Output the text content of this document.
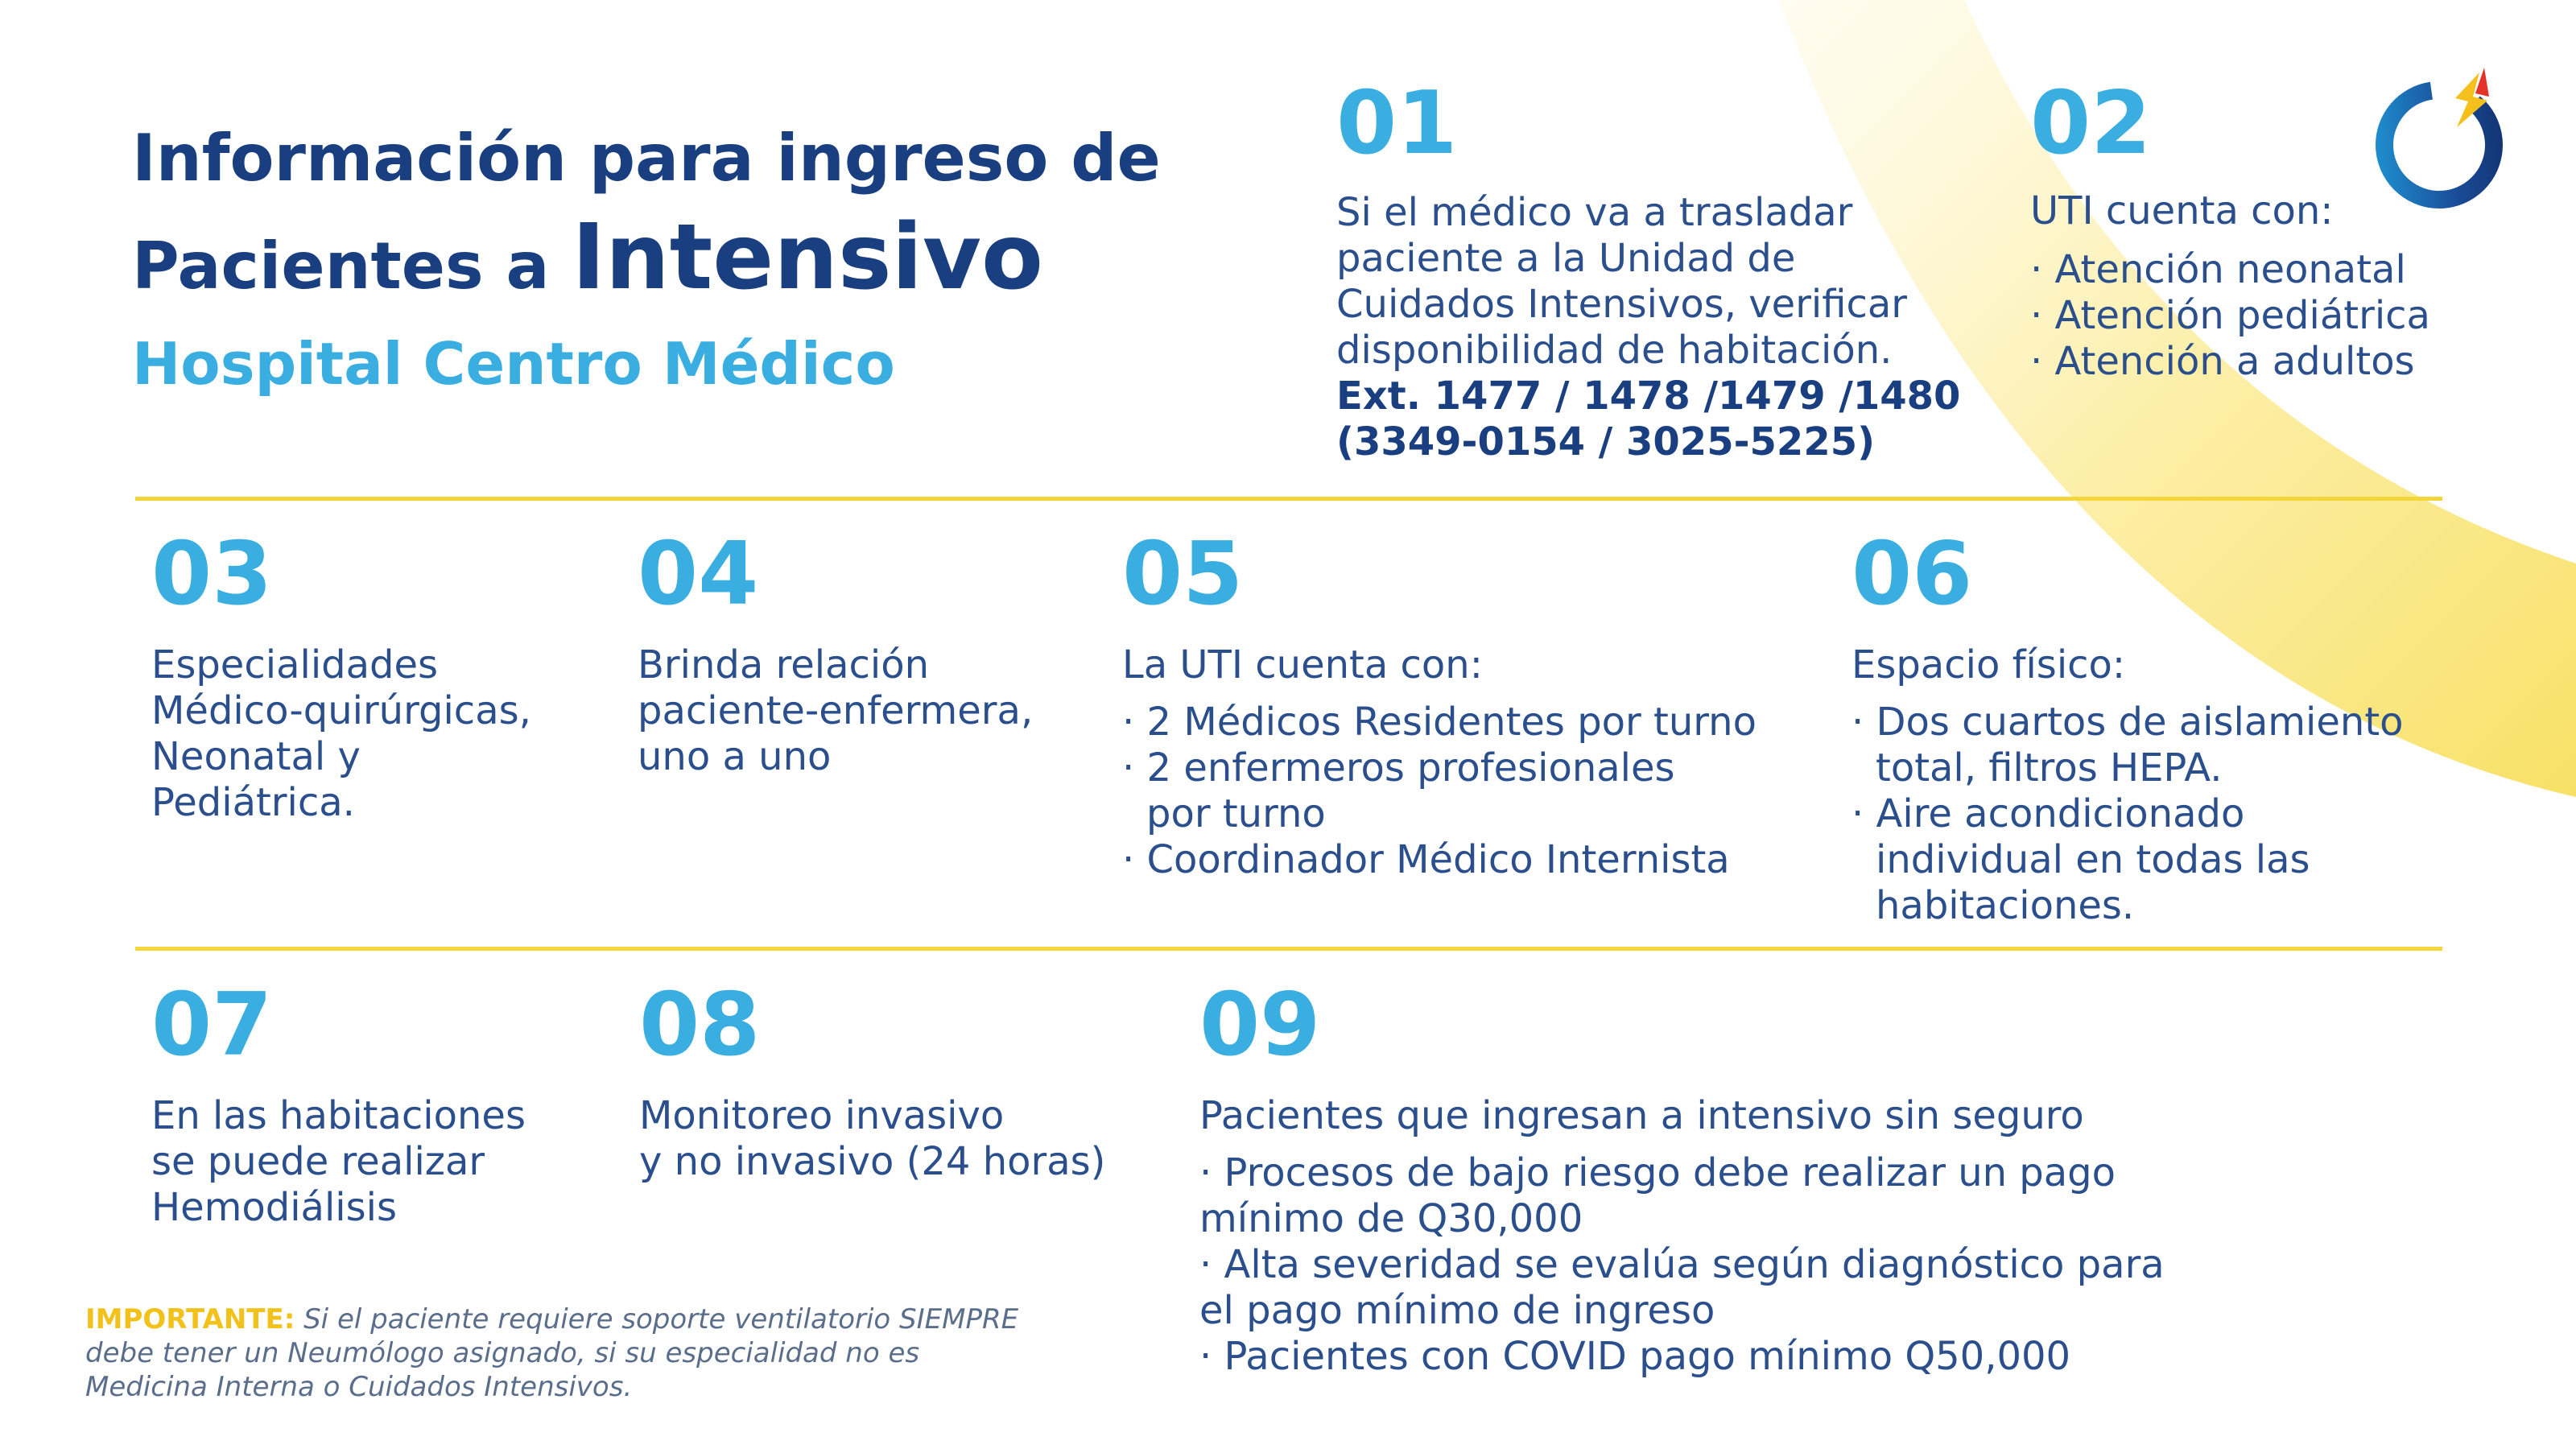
Información para ingreso de
Pacientes a Intensivo
Hospital Centro Médico
01
Si el médico va a trasladar
paciente a la Unidad de
Cuidados Intensivos, verificar
disponibilidad de habitación.
Ext. 1477 / 1478 /1479 /1480
(3349-0154 / 3025-5225)
02
UTI cuenta con:
· Atención neonatal
· Atención pediátrica
· Atención a adultos
03
Especialidades
Médico-quirúrgicas,
Neonatal y
Pediátrica.
04
Brinda relación
paciente-enfermera,
uno a uno
05
La UTI cuenta con:
· 2 Médicos Residentes por turno
· 2 enfermeros profesionales
por turno
· Coordinador Médico Internista
06
Espacio físico:
· Dos cuartos de aislamiento
total, filtros HEPA.
· Aire acondicionado
individual en todas las
habitaciones.
07
En las habitaciones
se puede realizar
Hemodiálisis
08
Monitoreo invasivo
y no invasivo (24 horas)
09
Pacientes que ingresan a intensivo sin seguro
· Procesos de bajo riesgo debe realizar un pago
mínimo de Q30,000
· Alta severidad se evalúa según diagnóstico para
el pago mínimo de ingreso
· Pacientes con COVID pago mínimo Q50,000
IMPORTANTE: Si el paciente requiere soporte ventilatorio SIEMPRE
debe tener un Neumólogo asignado, si su especialidad no es
Medicina Interna o Cuidados Intensivos.
